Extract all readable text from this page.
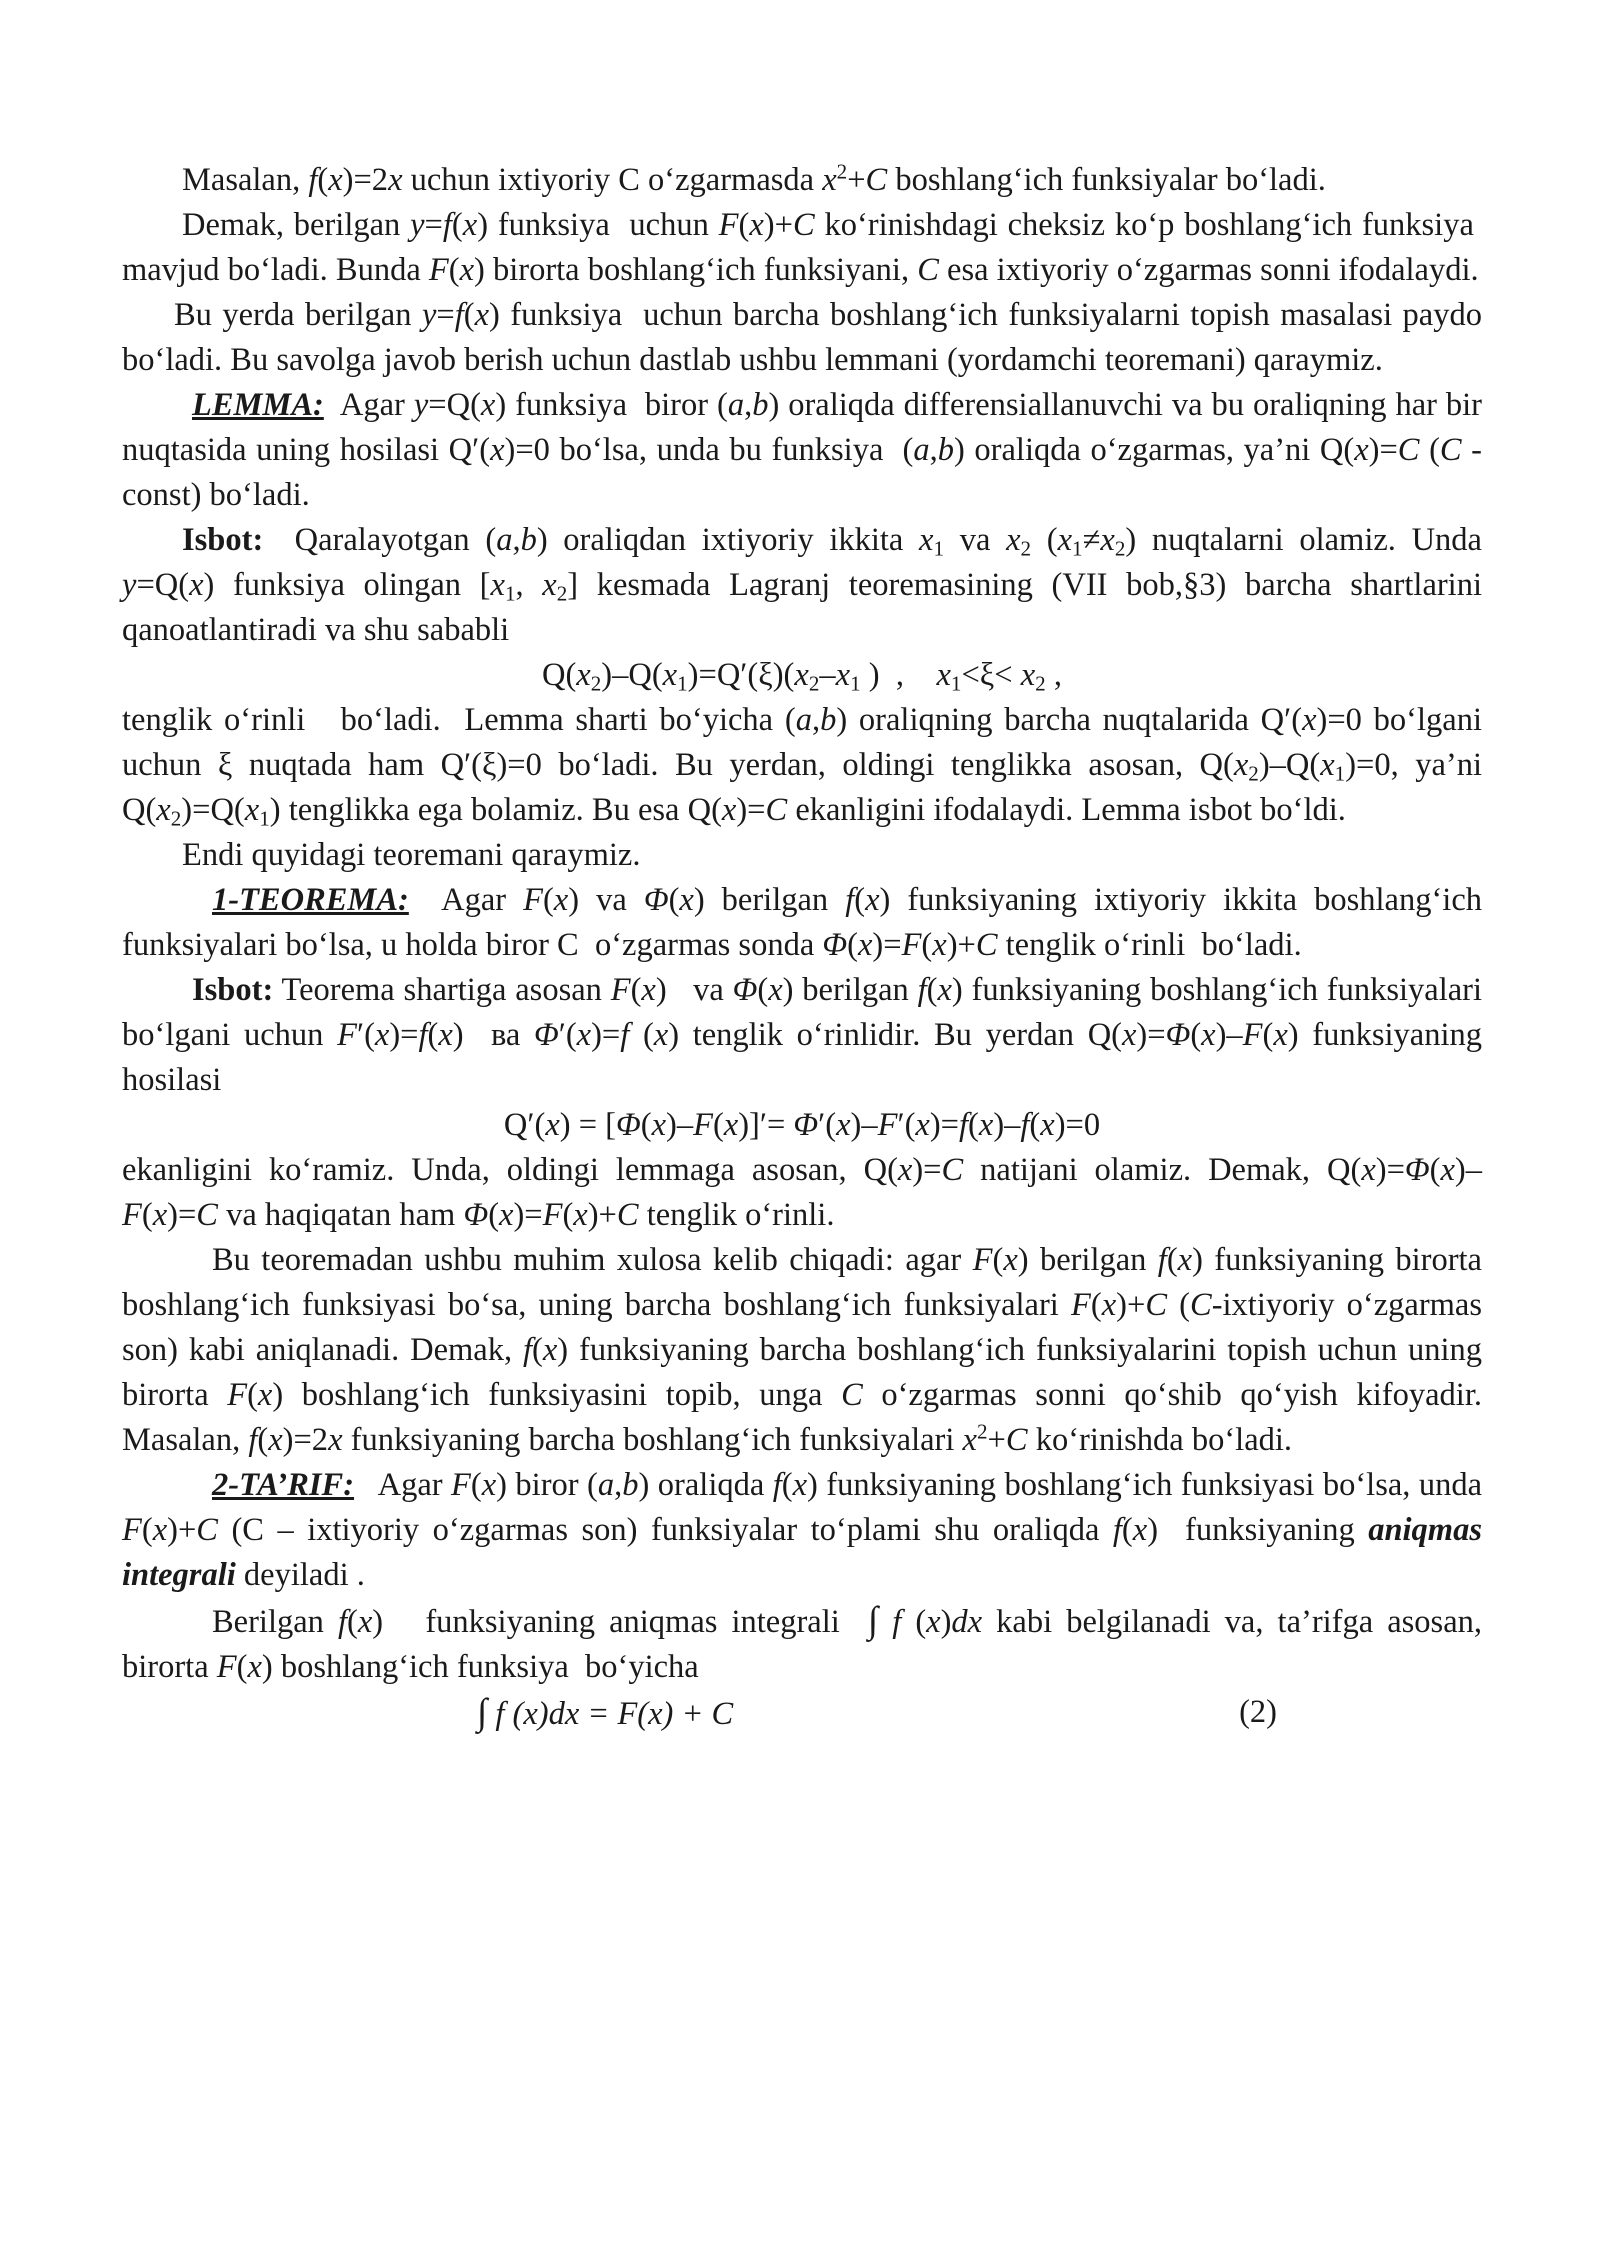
Masalan, f(x)=2x uchun ixtiyoriy C o‘zgarmasda $x^2+C$ boshlang‘ich funksiyalar bo‘ladi.

Demak, berilgan y=f(x) funksiya  uchun F(x)+C ko‘rinishdagi cheksiz ko‘p boshlang‘ich funksiya  mavjud bo‘ladi. Bunda F(x) birorta boshlang‘ich funksiyani, C esa ixtiyoriy o‘zgarmas sonni ifodalaydi.

Bu yerda berilgan y=f(x) funksiya  uchun barcha boshlang‘ich funksiyalarni topish masalasi paydo bo‘ladi. Bu savolga javob berish uchun dastlab ushbu lemmani (yordamchi teoremani) qaraymiz.

LEMMA:  Agar y=Q(x) funksiya  biror (a,b) oraliqda differensiallanuvchi va bu oraliqning har bir nuqtasida uning hosilasi Q′(x)=0 bo‘lsa, unda bu funksiya  (a,b) oraliqda o‘zgarmas, ya’ni Q(x)=C (C - const) bo‘ladi.

Isbot:  Qaralayotgan (a,b) oraliqdan ixtiyoriy ikkita $x_1$ va $x_2$ $(x_1\ne x_2)$ nuqtalarni olamiz. Unda y=Q(x) funksiya olingan [$x_1$, $x_2$] kesmada Lagranj teoremasining (VII bob,§3) barcha shartlarini qanoatlantiradi va shu sababli

$Q(x_2)-Q(x_1)=Q'(\xi)(x_2-x_1$ )  ,    $x_1<\xi< x_2$ ,

tenglik o‘rinli   bo‘ladi.  Lemma sharti bo‘yicha (a,b) oraliqning barcha nuqtalarida Q′(x)=0 bo‘lgani uchun ξ nuqtada ham Q′(ξ)=0 bo‘ladi. Bu yerdan, oldingi tenglikka asosan, $Q(x_2)-Q(x_1)=0$, ya’ni $Q(x_2)=Q(x_1)$ tenglikka ega bolamiz. Bu esa Q(x)=C ekanligini ifodalaydi. Lemma isbot bo‘ldi.

Endi quyidagi teoremani qaraymiz.

1-TEOREMA:  Agar F(x) va Φ(x) berilgan f(x) funksiyaning ixtiyoriy ikkita boshlang‘ich funksiyalari bo‘lsa, u holda biror C  o‘zgarmas sonda Φ(x)=F(x)+C tenglik o‘rinli  bo‘ladi.

Isbot: Teorema shartiga asosan F(x)   va Φ(x) berilgan f(x) funksiyaning boshlang‘ich funksiyalari bo‘lgani uchun F′(x)=f(x)  ва Φ′(x)=f (x) tenglik o‘rinlidir. Bu yerdan Q(x)=Φ(x)–F(x) funksiyaning hosilasi

Q′(x) = [Φ(x)–F(x)]′= Φ′(x)–F′(x)=f(x)–f(x)=0

ekanligini ko‘ramiz. Unda, oldingi lemmaga asosan, Q(x)=C natijani olamiz. Demak, Q(x)=Φ(x)–F(x)=C va haqiqatan ham Φ(x)=F(x)+C tenglik o‘rinli.

Bu teoremadan ushbu muhim xulosa kelib chiqadi: agar F(x) berilgan f(x) funksiyaning birorta boshlang‘ich funksiyasi bo‘sa, uning barcha boshlang‘ich funksiyalari F(x)+C (C-ixtiyoriy o‘zgarmas son) kabi aniqlanadi. Demak, f(x) funksiyaning barcha boshlang‘ich funksiyalarini topish uchun uning birorta F(x) boshlang‘ich funksiyasini topib, unga C o‘zgarmas sonni qo‘shib qo‘yish kifoyadir. Masalan, f(x)=2x funksiyaning barcha boshlang‘ich funksiyalari $x^2+C$ ko‘rinishda bo‘ladi.

2-TA’RIF:   Agar F(x) biror (a,b) oraliqda f(x) funksiyaning boshlang‘ich funksiyasi bo‘lsa, unda F(x)+C (C – ixtiyoriy o‘zgarmas son) funksiyalar to‘plami shu oraliqda f(x)  funksiyaning aniqmas integrali deyiladi .

Berilgan f(x)   funksiyaning aniqmas integrali  ∫ f (x)dx kabi belgilanadi va, ta’rifga asosan, birorta F(x) boshlang‘ich funksiya  bo‘yicha

∫ f (x)dx = F(x) + C	(2)
